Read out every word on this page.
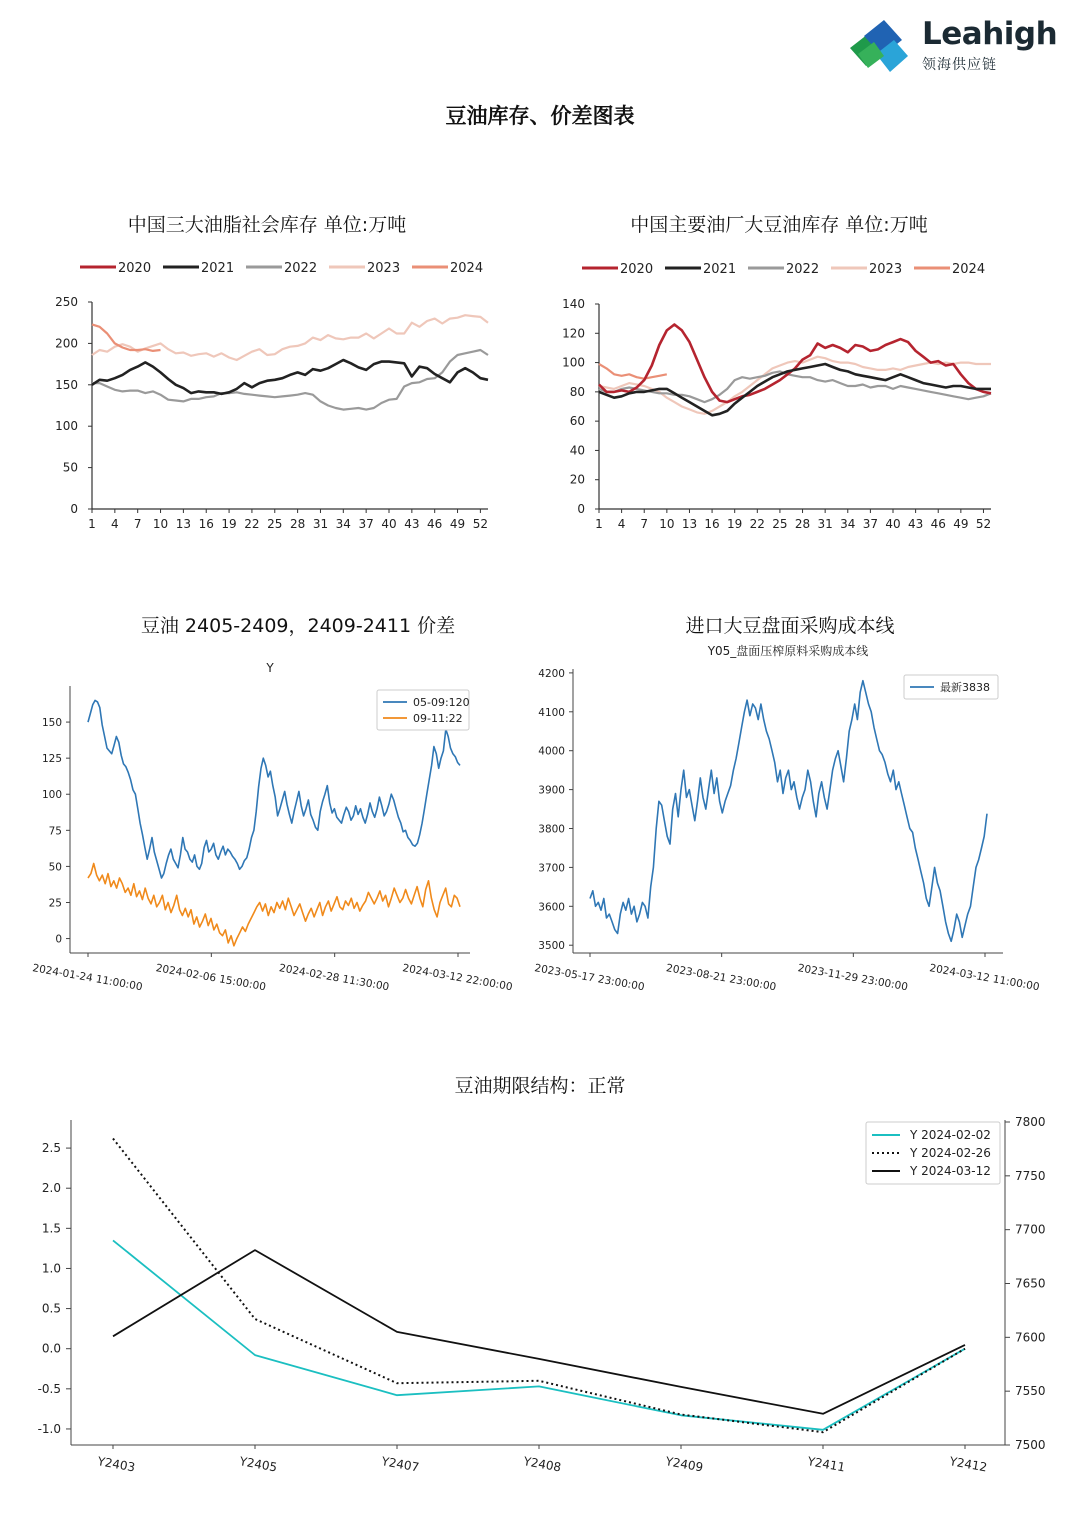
Leahigh
领海供应链
豆油库存、价差图表
中国三大油脂社会库存 单位:万吨
0
50
100
150
200
250
1 4 7 10 13 16 19 22 25 28 31 34 37 40 43 46 49 52
2020	2021	2022	2023	2024
中国主要油厂大豆油库存 单位:万吨
0
20
40
60
80
100
120
140
1 4 7 10 13 16 19 22 25 28 31 34 37 40 43 46 49 52
2020	2021	2022	2023	2024
豆油 2405-2409，2409-2411 价差
0
25
50
75
100
125
150
2024-01-24 11:00:00 2024-02-06 15:00:00 2024-02-28 11:30:00 2024-03-12 22:00:00
Y
05-09:120
09-11:22
进口大豆盘面采购成本线
3500
3600
3700
3800
3900
4000
4100
4200
2023-05-17 23:00:00 2023-08-21 23:00:00 2023-11-29 23:00:00 2024-03-12 11:00:00
Y05_盘面压榨原料采购成本线
最新3838
豆油期限结构：正常
-1.0
-0.5
0.0
0.5
1.0
1.5
2.0
2.5
7500
7550
7600
7650
7700
7750
7800
Y2403	Y2405	Y2407	Y2408	Y2409	Y2411	Y2412
Y 2024-02-02
Y 2024-02-26
Y 2024-03-12
